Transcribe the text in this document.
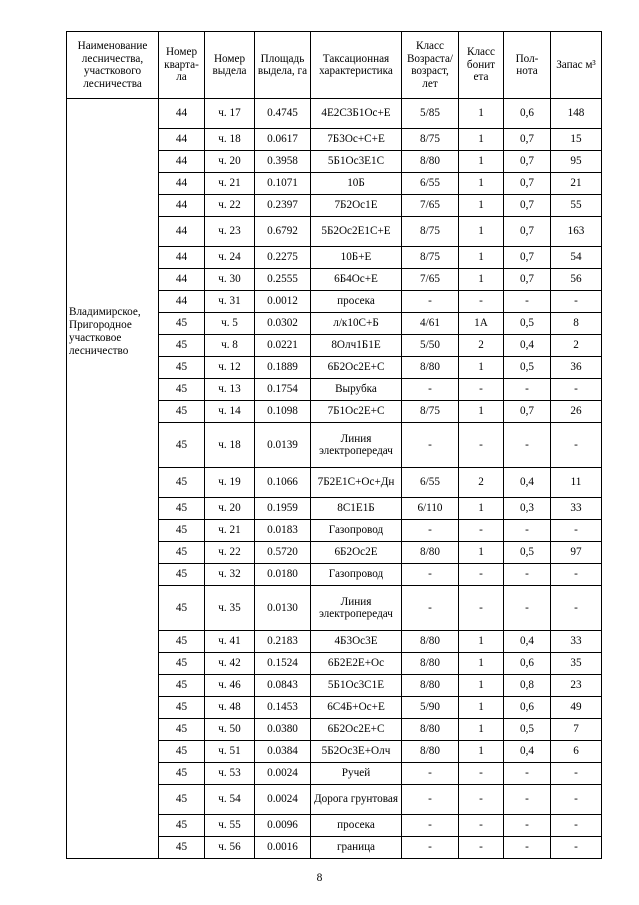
Наименование лесничества, участкового лесничества	Номер кварта-ла	Номер выдела	Площадь выдела, га	Таксационная характеристика	Класс Возраста/ возраст, лет	Класс бонит ета	Пол-нота	Запас м³
Владимирское, Пригородное участковое лесничество	44	ч. 17	0.4745	4Е2С3Б1Ос+Е	5/85	1	0,6	148
	44	ч. 18	0.0617	7Б3Ос+С+Е	8/75	1	0,7	15
	44	ч. 20	0.3958	5Б1Ос3Е1С	8/80	1	0,7	95
	44	ч. 21	0.1071	10Б	6/55	1	0,7	21
	44	ч. 22	0.2397	7Б2Ос1Е	7/65	1	0,7	55
	44	ч. 23	0.6792	5Б2Ос2Е1С+Е	8/75	1	0,7	163
	44	ч. 24	0.2275	10Б+Е	8/75	1	0,7	54
	44	ч. 30	0.2555	6Б4Ос+Е	7/65	1	0,7	56
	44	ч. 31	0.0012	просека	-	-	-	-
	45	ч. 5	0.0302	л/к10С+Б	4/61	1А	0,5	8
	45	ч. 8	0.0221	8Олч1Б1Е	5/50	2	0,4	2
	45	ч. 12	0.1889	6Б2Ос2Е+С	8/80	1	0,5	36
	45	ч. 13	0.1754	Вырубка	-	-	-	-
	45	ч. 14	0.1098	7Б1Ос2Е+С	8/75	1	0,7	26
	45	ч. 18	0.0139	Линия электропередач	-	-	-	-
	45	ч. 19	0.1066	7Б2Е1С+Ос+Дн	6/55	2	0,4	11
	45	ч. 20	0.1959	8С1Е1Б	6/110	1	0,3	33
	45	ч. 21	0.0183	Газопровод	-	-	-	-
	45	ч. 22	0.5720	6Б2Ос2Е	8/80	1	0,5	97
	45	ч. 32	0.0180	Газопровод	-	-	-	-
	45	ч. 35	0.0130	Линия электропередач	-	-	-	-
	45	ч. 41	0.2183	4Б3Ос3Е	8/80	1	0,4	33
	45	ч. 42	0.1524	6Б2Е2Е+Ос	8/80	1	0,6	35
	45	ч. 46	0.0843	5Б1Ос3С1Е	8/80	1	0,8	23
	45	ч. 48	0.1453	6С4Б+Ос+Е	5/90	1	0,6	49
	45	ч. 50	0.0380	6Б2Ос2Е+С	8/80	1	0,5	7
	45	ч. 51	0.0384	5Б2Ос3Е+Олч	8/80	1	0,4	6
	45	ч. 53	0.0024	Ручей	-	-	-	-
	45	ч. 54	0.0024	Дорога грунтовая	-	-	-	-
	45	ч. 55	0.0096	просека	-	-	-	-
	45	ч. 56	0.0016	граница	-	-	-	-
8
